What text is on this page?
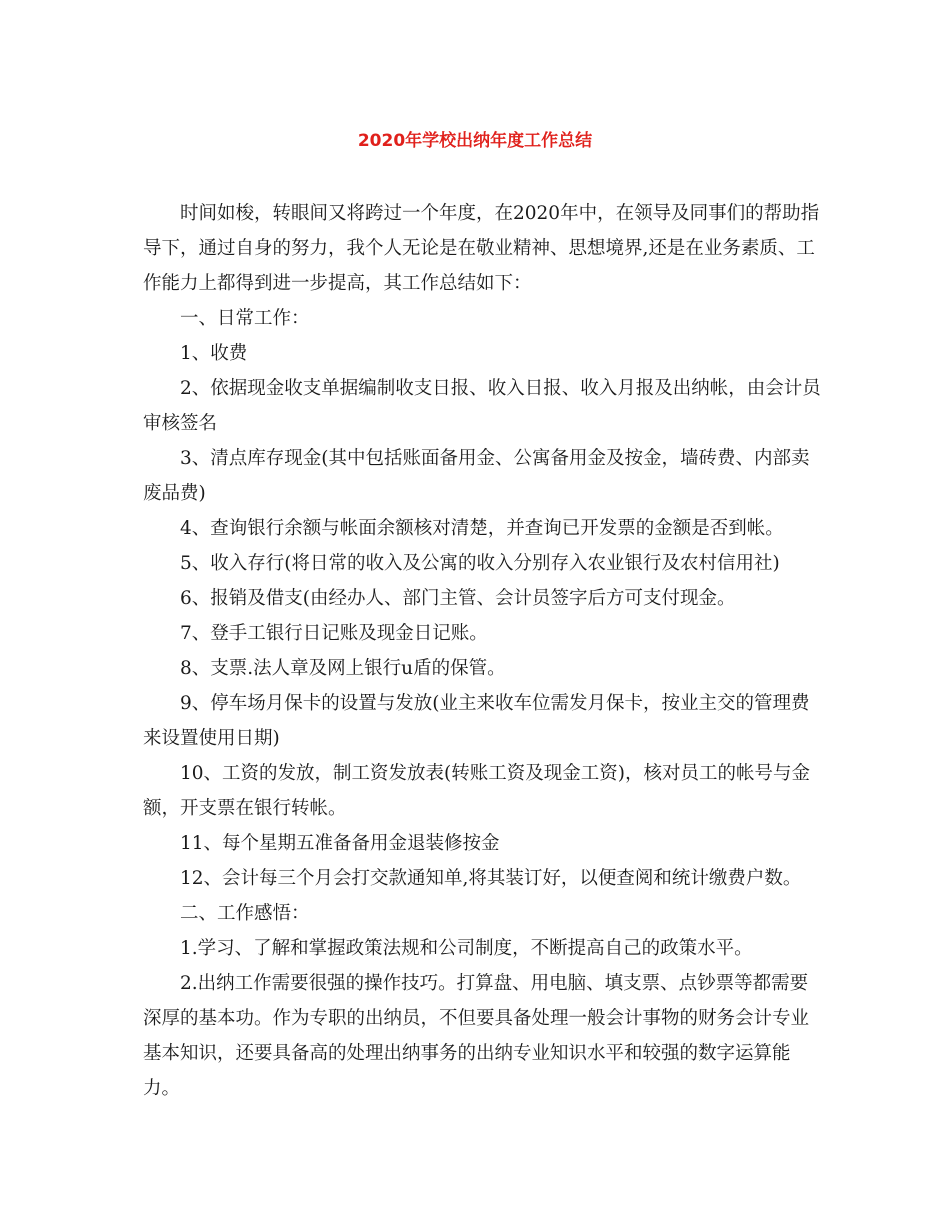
2020年学校出纳年度工作总结

时间如梭，转眼间又将跨过一个年度，在2020年中，在领导及同事们的帮助指导下，通过自身的努力，我个人无论是在敬业精神、思想境界,还是在业务素质、工作能力上都得到进一步提高，其工作总结如下：

一、日常工作：

1、收费

2、依据现金收支单据编制收支日报、收入日报、收入月报及出纳帐，由会计员审核签名

3、清点库存现金(其中包括账面备用金、公寓备用金及按金，墙砖费、内部卖废品费)

4、查询银行余额与帐面余额核对清楚，并查询已开发票的金额是否到帐。

5、收入存行(将日常的收入及公寓的收入分别存入农业银行及农村信用社)

6、报销及借支(由经办人、部门主管、会计员签字后方可支付现金。

7、登手工银行日记账及现金日记账。

8、支票.法人章及网上银行u盾的保管。

9、停车场月保卡的设置与发放(业主来收车位需发月保卡，按业主交的管理费来设置使用日期)

10、工资的发放，制工资发放表(转账工资及现金工资)，核对员工的帐号与金额，开支票在银行转帐。

11、每个星期五准备备用金退装修按金

12、会计每三个月会打交款通知单,将其装订好，以便查阅和统计缴费户数。

二、工作感悟：

1.学习、了解和掌握政策法规和公司制度，不断提高自己的政策水平。

2.出纳工作需要很强的操作技巧。打算盘、用电脑、填支票、点钞票等都需要深厚的基本功。作为专职的出纳员，不但要具备处理一般会计事物的财务会计专业基本知识，还要具备高的处理出纳事务的出纳专业知识水平和较强的数字运算能力。
